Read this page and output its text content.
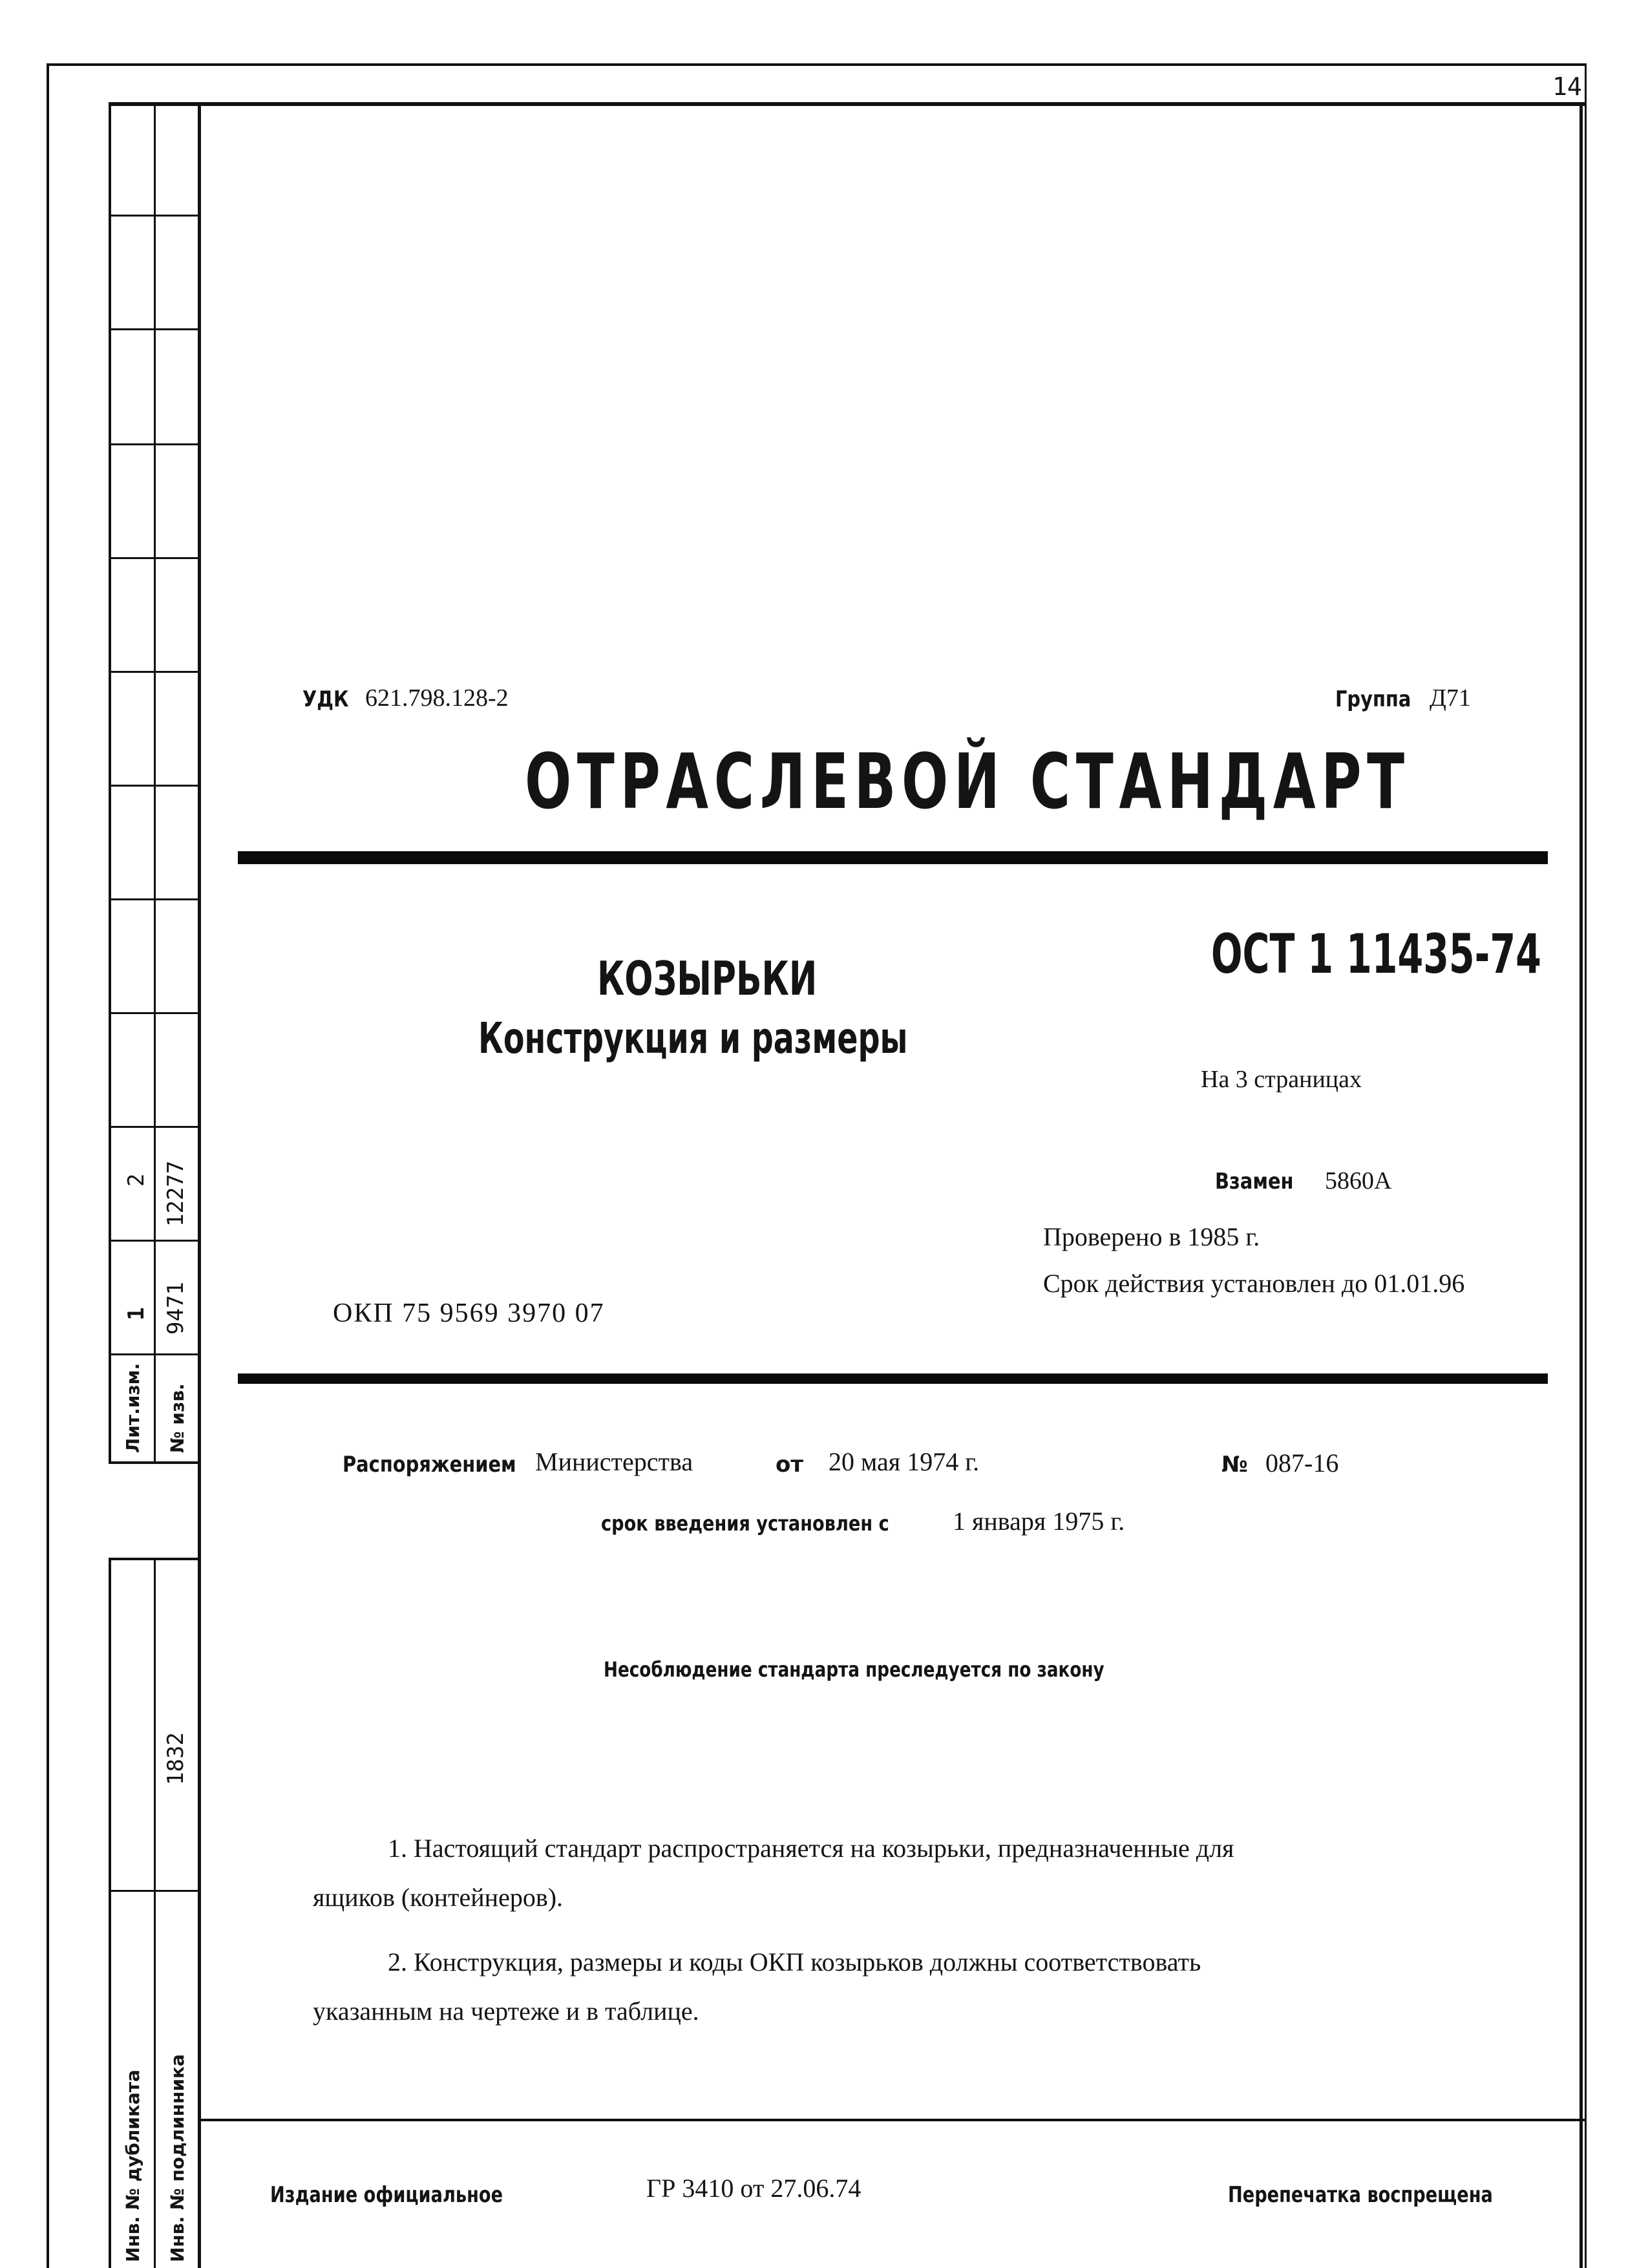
1 9471
2 12277
Лит.изм. № изв.
1832
Инв. № дубликата Инв. № подлинника
14
УДК 621.798.128-2	Группа Д71
ОТРАСЛЕВОЙ СТАНДАРТ
КОЗЫРЬКИ
Конструкция и размеры
ОСТ 1 11435-74
На 3 страницах
Взамен 5860А
Проверено в 1985 г.
Срок действия установлен до 01.01.96
ОКП 75 9569 3970 07
Распоряжением Министерства	от 20 мая 1974 г.	№ 087-16
срок введения установлен с 1 января 1975 г.
Несоблюдение стандарта преследуется по закону
1. Настоящий стандарт распространяется на козырьки, предназначенные для
ящиков (контейнеров).
2. Конструкция, размеры и коды ОКП козырьков должны соответствовать
указанным на чертеже и в таблице.
Издание официальное	ГР 3410 от 27.06.74	Перепечатка воспрещена
